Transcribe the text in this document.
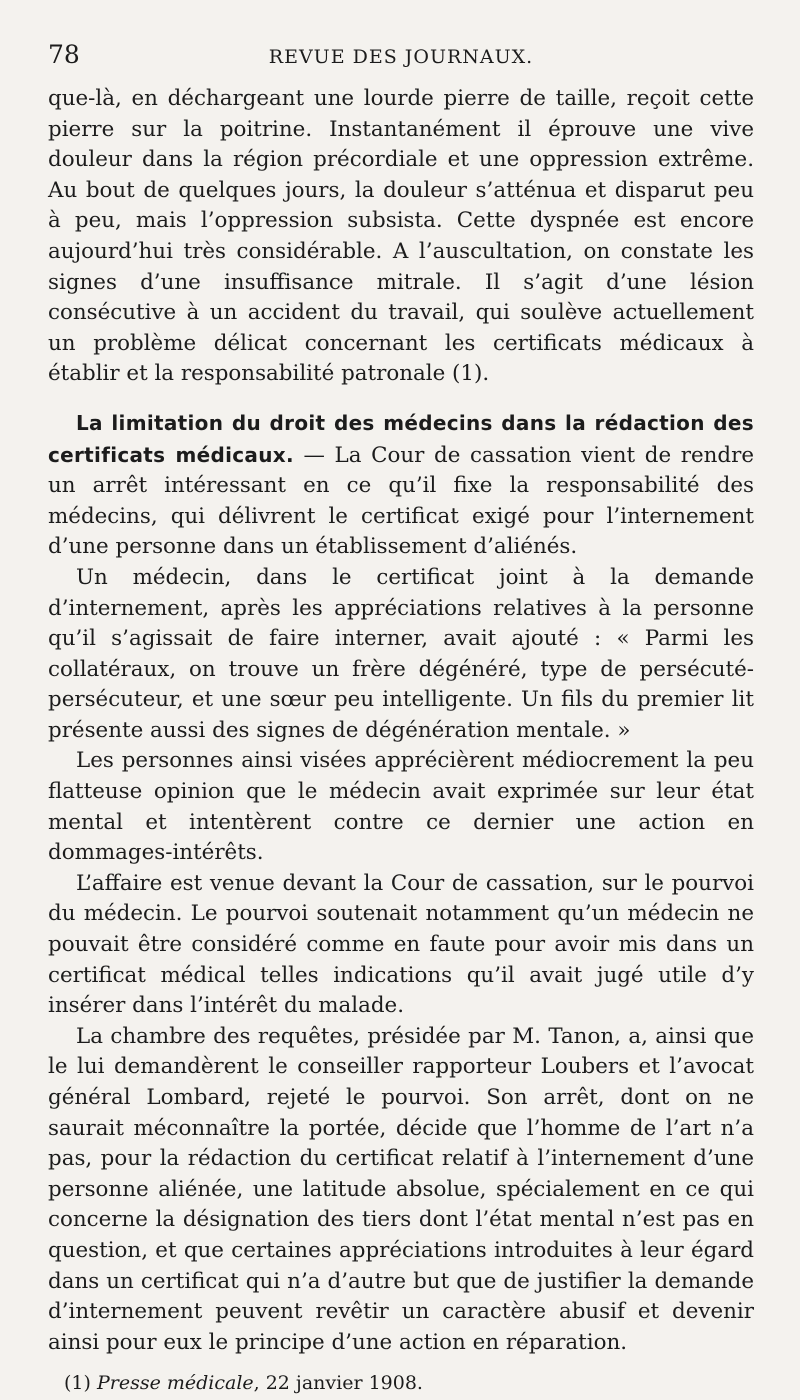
78	REVUE DES JOURNAUX.

que-là, en déchargeant une lourde pierre de taille, reçoit cette pierre sur la poitrine. Instantanément il éprouve une vive douleur dans la région précordiale et une oppression extrême. Au bout de quelques jours, la douleur s’atténua et disparut peu à peu, mais l’oppression subsista. Cette dyspnée est encore aujourd’hui très considérable. A l’auscultation, on constate les signes d’une insuffisance mitrale. Il s’agit d’une lésion consécutive à un accident du travail, qui soulève actuellement un problème délicat concernant les certificats médicaux à établir et la responsabilité patronale (1).

La limitation du droit des médecins dans la rédaction des certificats médicaux. — La Cour de cassation vient de rendre un arrêt intéressant en ce qu’il fixe la responsabilité des médecins, qui délivrent le certificat exigé pour l’internement d’une personne dans un établissement d’aliénés.

Un médecin, dans le certificat joint à la demande d’internement, après les appréciations relatives à la personne qu’il s’agissait de faire interner, avait ajouté : « Parmi les collatéraux, on trouve un frère dégénéré, type de persécuté-persécuteur, et une sœur peu intelligente. Un fils du premier lit présente aussi des signes de dégénération mentale. »

Les personnes ainsi visées apprécièrent médiocrement la peu flatteuse opinion que le médecin avait exprimée sur leur état mental et intentèrent contre ce dernier une action en dommages-intérêts.

L’affaire est venue devant la Cour de cassation, sur le pourvoi du médecin. Le pourvoi soutenait notamment qu’un médecin ne pouvait être considéré comme en faute pour avoir mis dans un certificat médical telles indications qu’il avait jugé utile d’y insérer dans l’intérêt du malade.

La chambre des requêtes, présidée par M. Tanon, a, ainsi que le lui demandèrent le conseiller rapporteur Loubers et l’avocat général Lombard, rejeté le pourvoi. Son arrêt, dont on ne saurait méconnaître la portée, décide que l’homme de l’art n’a pas, pour la rédaction du certificat relatif à l’internement d’une personne aliénée, une latitude absolue, spécialement en ce qui concerne la désignation des tiers dont l’état mental n’est pas en question, et que certaines appréciations introduites à leur égard dans un certificat qui n’a d’autre but que de justifier la demande d’internement peuvent revêtir un caractère abusif et devenir ainsi pour eux le principe d’une action en réparation.

(1) Presse médicale, 22 janvier 1908.
